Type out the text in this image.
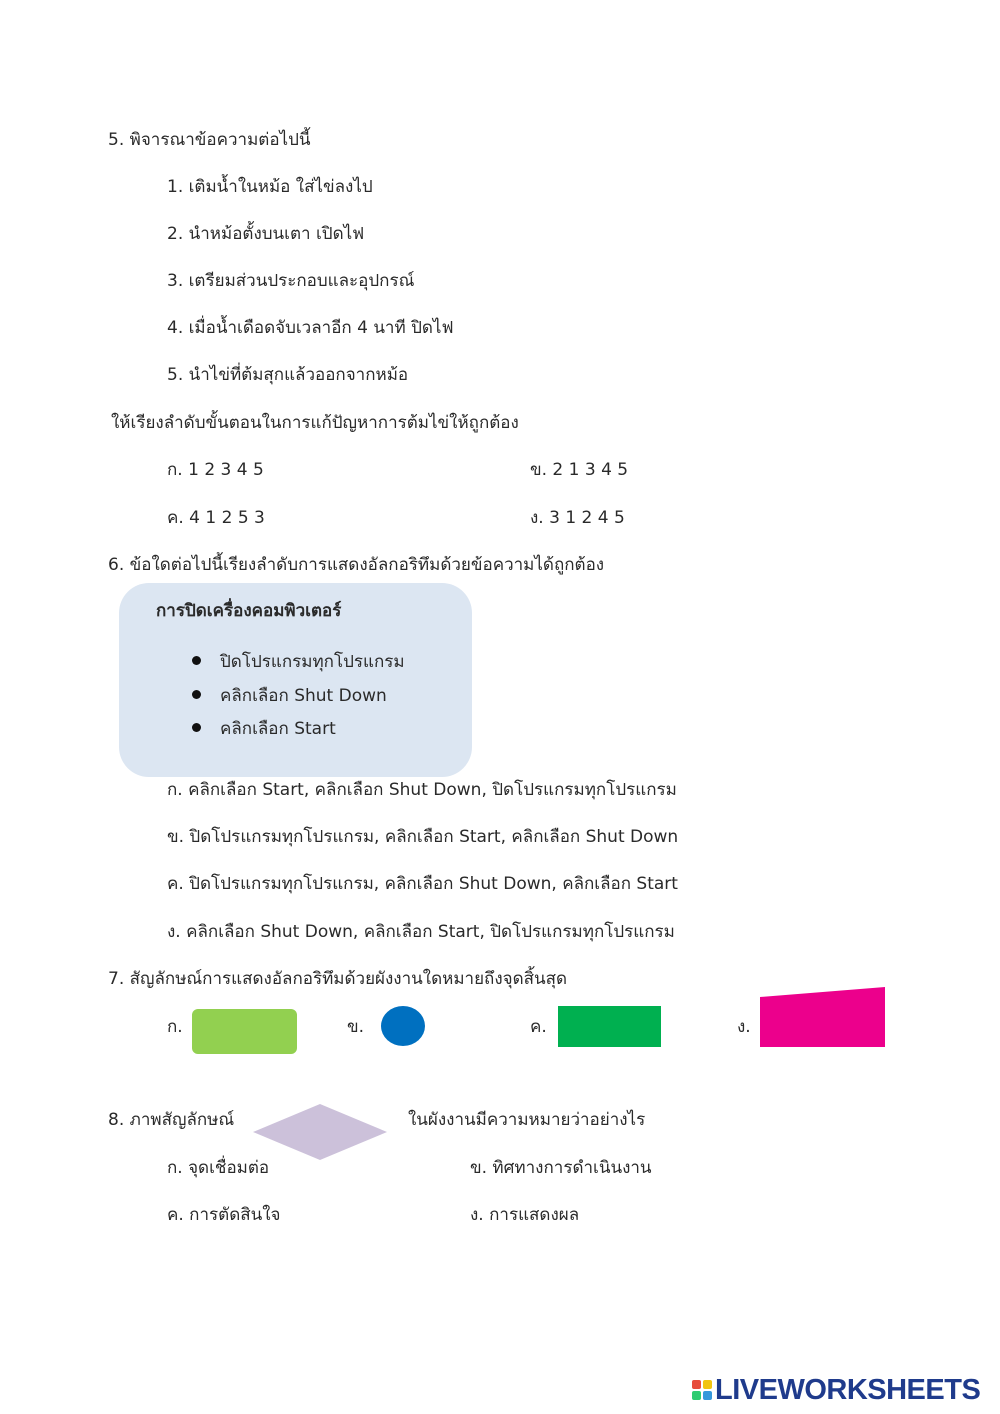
5. พิจารณาข้อความต่อไปนี้
1. เติมน้ำในหม้อ ใส่ไข่ลงไป
2. นำหม้อตั้งบนเตา เปิดไฟ
3. เตรียมส่วนประกอบและอุปกรณ์
4. เมื่อน้ำเดือดจับเวลาอีก 4 นาที ปิดไฟ
5. นำไข่ที่ต้มสุกแล้วออกจากหม้อ
ให้เรียงลำดับขั้นตอนในการแก้ปัญหาการต้มไข่ให้ถูกต้อง
ก. 1 2 3 4 5	ข. 2 1 3 4 5
ค. 4 1 2 5 3	ง. 3 1 2 4 5
6. ข้อใดต่อไปนี้เรียงลำดับการแสดงอัลกอริทึมด้วยข้อความได้ถูกต้อง
การปิดเครื่องคอมพิวเตอร์
ปิดโปรแกรมทุกโปรแกรม
คลิกเลือก Shut Down
คลิกเลือก Start
ก. คลิกเลือก Start, คลิกเลือก Shut Down, ปิดโปรแกรมทุกโปรแกรม
ข. ปิดโปรแกรมทุกโปรแกรม, คลิกเลือก Start, คลิกเลือก Shut Down
ค. ปิดโปรแกรมทุกโปรแกรม, คลิกเลือก Shut Down, คลิกเลือก Start
ง. คลิกเลือก Shut Down, คลิกเลือก Start, ปิดโปรแกรมทุกโปรแกรม
7. สัญลักษณ์การแสดงอัลกอริทึมด้วยผังงานใดหมายถึงจุดสิ้นสุด
ก.	ข.	ค.	ง.
8. ภาพสัญลักษณ์	ในผังงานมีความหมายว่าอย่างไร
ก. จุดเชื่อมต่อ	ข. ทิศทางการดำเนินงาน
ค. การตัดสินใจ	ง. การแสดงผล
LIVEWORKSHEETS
